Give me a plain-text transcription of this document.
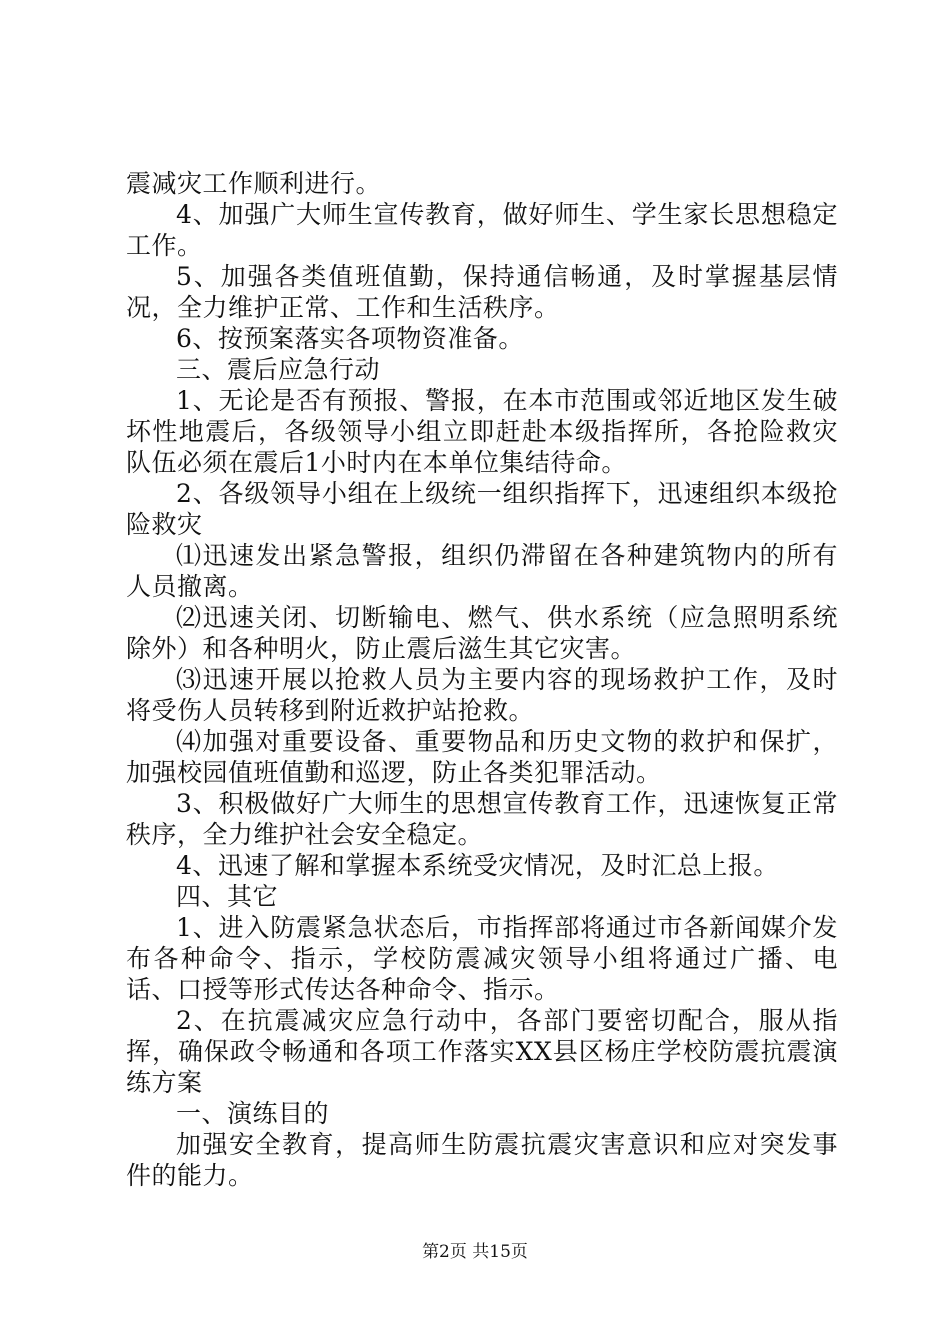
震减灾工作顺利进行。

4、加强广大师生宣传教育，做好师生、学生家长思想稳定工作。

5、加强各类值班值勤，保持通信畅通，及时掌握基层情况，全力维护正常、工作和生活秩序。

6、按预案落实各项物资准备。

三、震后应急行动

1、无论是否有预报、警报，在本市范围或邻近地区发生破坏性地震后，各级领导小组立即赶赴本级指挥所，各抢险救灾队伍必须在震后1小时内在本单位集结待命。

2、各级领导小组在上级统一组织指挥下，迅速组织本级抢险救灾

⑴迅速发出紧急警报，组织仍滞留在各种建筑物内的所有人员撤离。

⑵迅速关闭、切断输电、燃气、供水系统（应急照明系统除外）和各种明火，防止震后滋生其它灾害。

⑶迅速开展以抢救人员为主要内容的现场救护工作，及时将受伤人员转移到附近救护站抢救。

⑷加强对重要设备、重要物品和历史文物的救护和保扩，加强校园值班值勤和巡逻，防止各类犯罪活动。

3、积极做好广大师生的思想宣传教育工作，迅速恢复正常秩序，全力维护社会安全稳定。

4、迅速了解和掌握本系统受灾情况，及时汇总上报。

四、其它

1、进入防震紧急状态后，市指挥部将通过市各新闻媒介发布各种命令、指示，学校防震减灾领导小组将通过广播、电话、口授等形式传达各种命令、指示。

2、在抗震减灾应急行动中，各部门要密切配合，服从指挥，确保政令畅通和各项工作落实XX县区杨庄学校防震抗震演练方案

一、演练目的

加强安全教育，提高师生防震抗震灾害意识和应对突发事件的能力。

第2页 共15页
